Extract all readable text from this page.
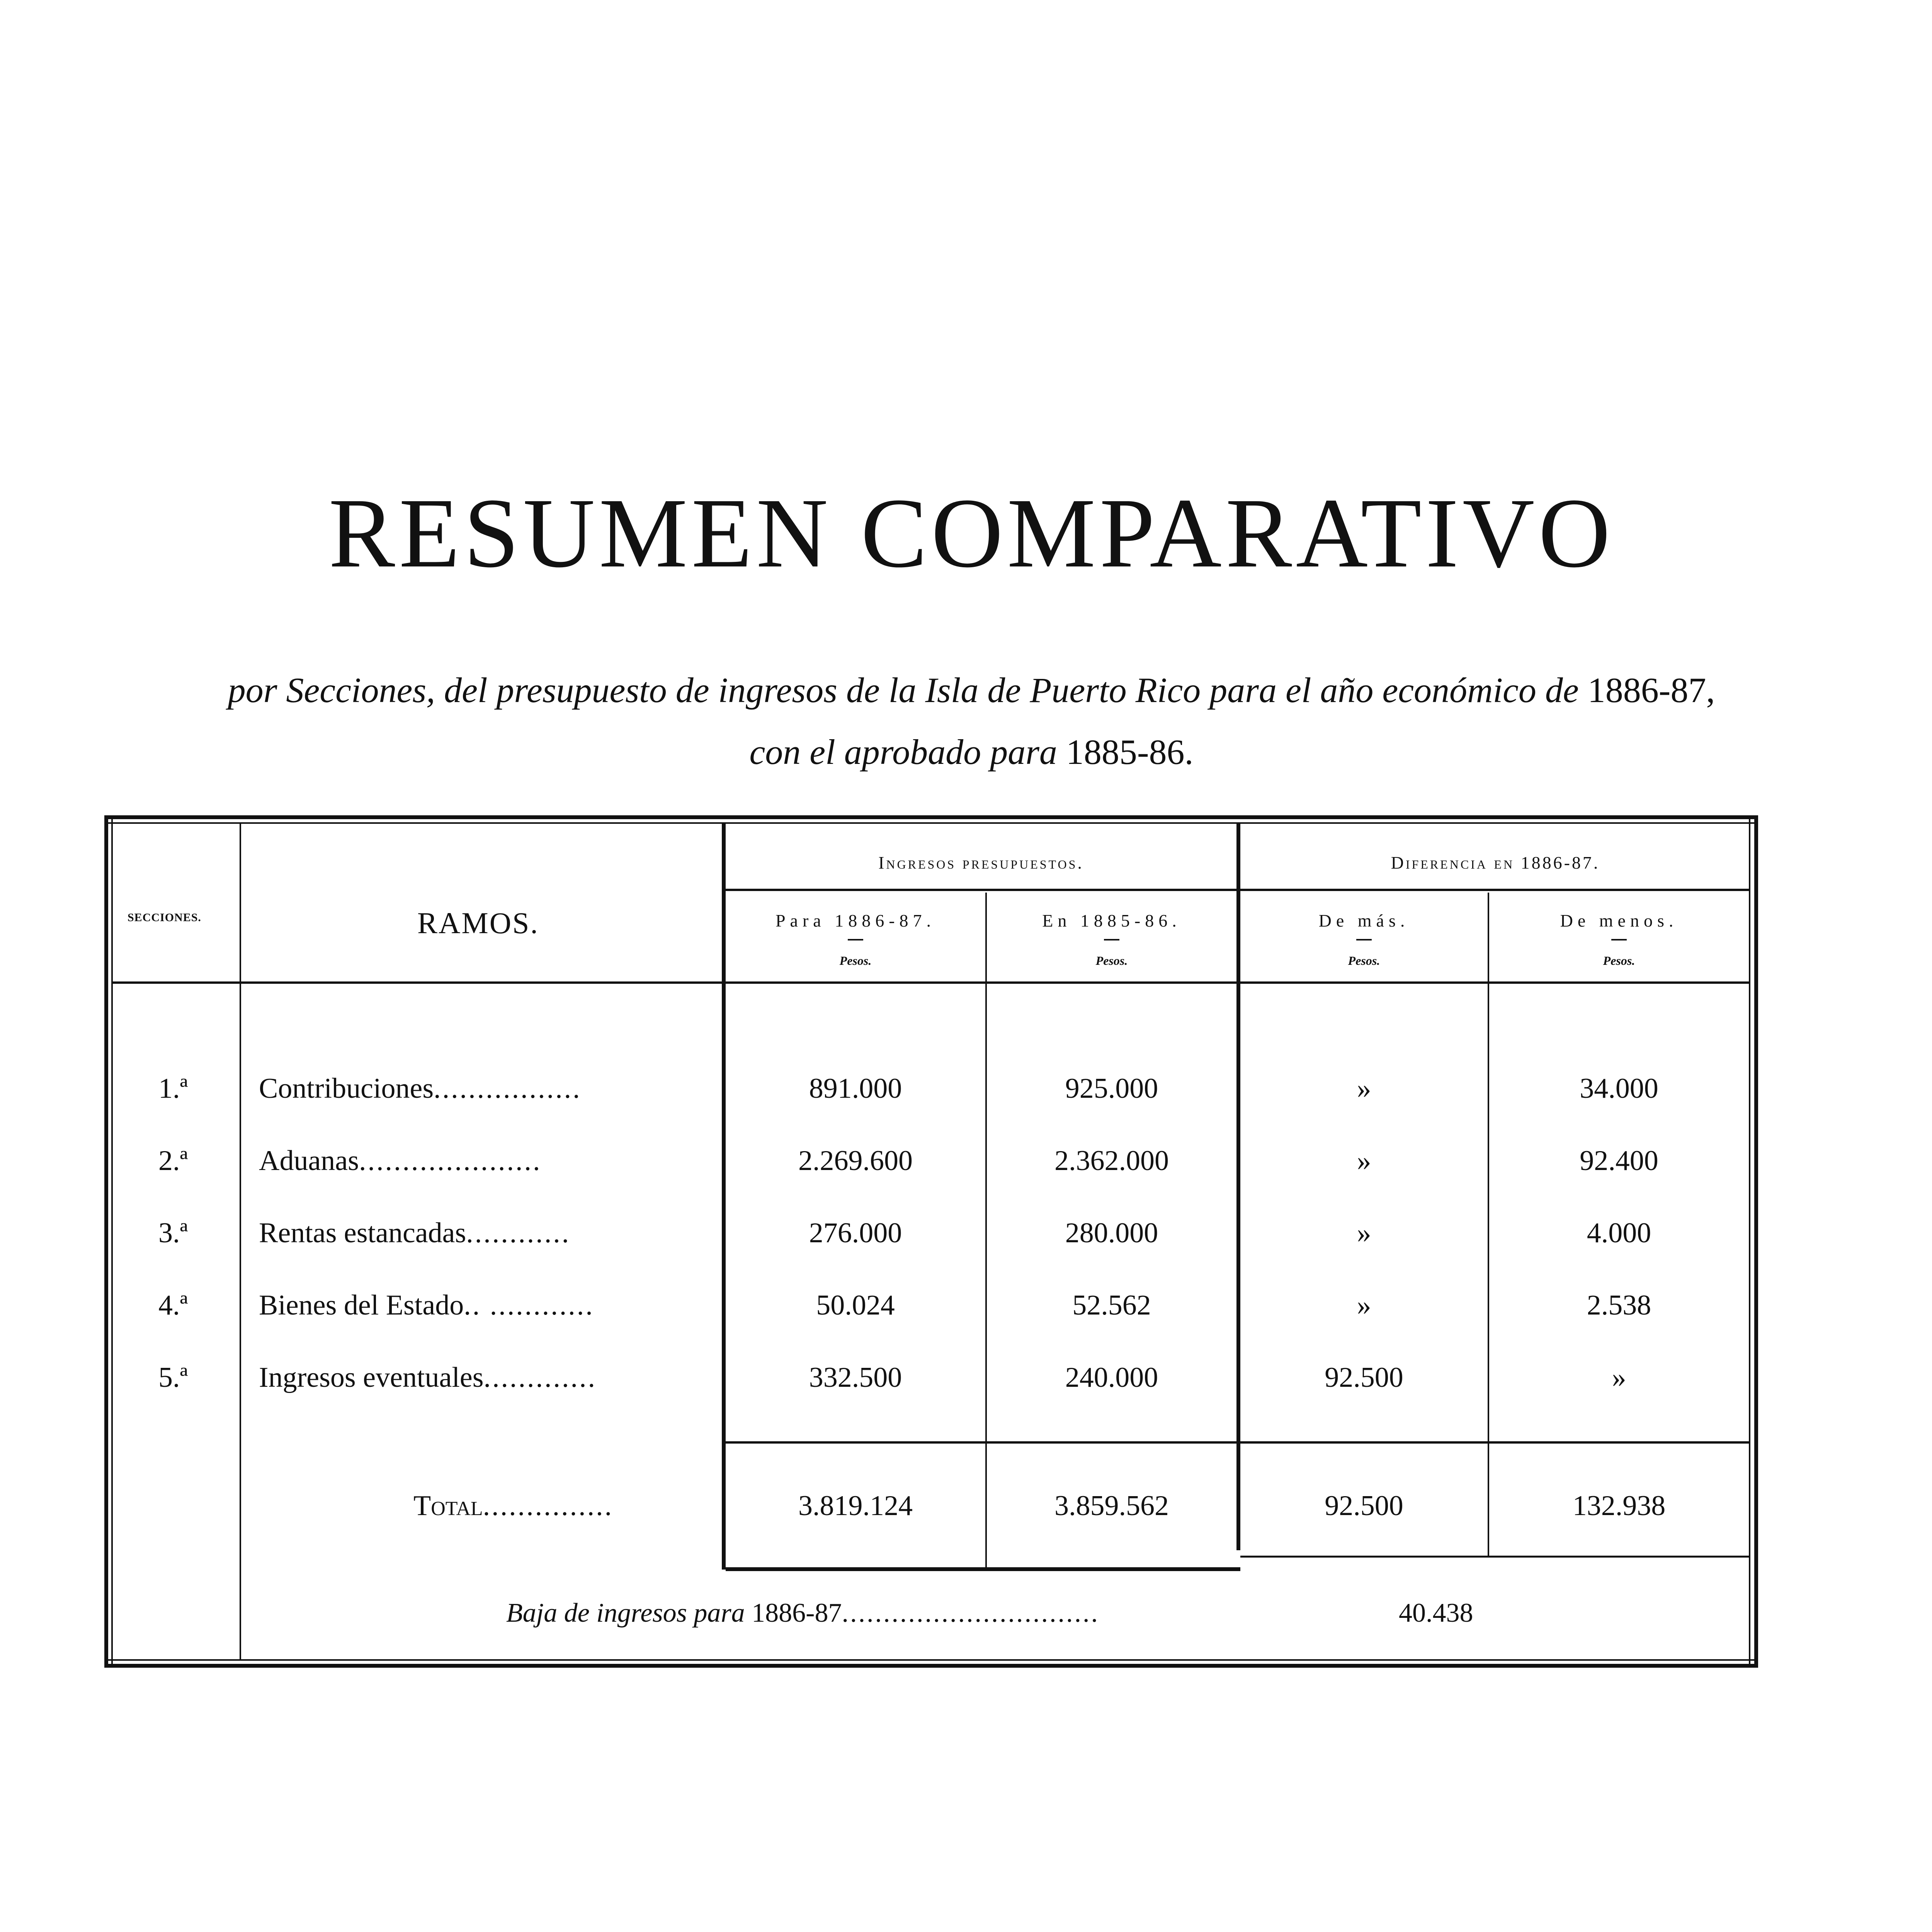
RESUMEN COMPARATIVO
por Secciones, del presupuesto de ingresos de la Isla de Puerto Rico para el año económico de 1886-87,
con el aprobado para 1885-86.
SECCIONES.	RAMOS.
Ingresos presupuestos.	Diferencia en 1886-87.
Para 1886-87.	En 1885-86.	De más.	De menos.
Pesos.	Pesos.	Pesos.	Pesos.
1.ª Contribuciones.................	891.000	925.000	»	34.000
2.ª Aduanas.....................	2.269.600	2.362.000	»	92.400
3.ª Rentas estancadas............	276.000	280.000	»	4.000
4.ª Bienes del Estado.. ............	50.024	52.562	»	2.538
5.ª Ingresos eventuales.............	332.500	240.000	92.500	»
Total...............	3.819.124	3.859.562	92.500	132.938
Baja de ingresos para 1886-87...............................	40.438
